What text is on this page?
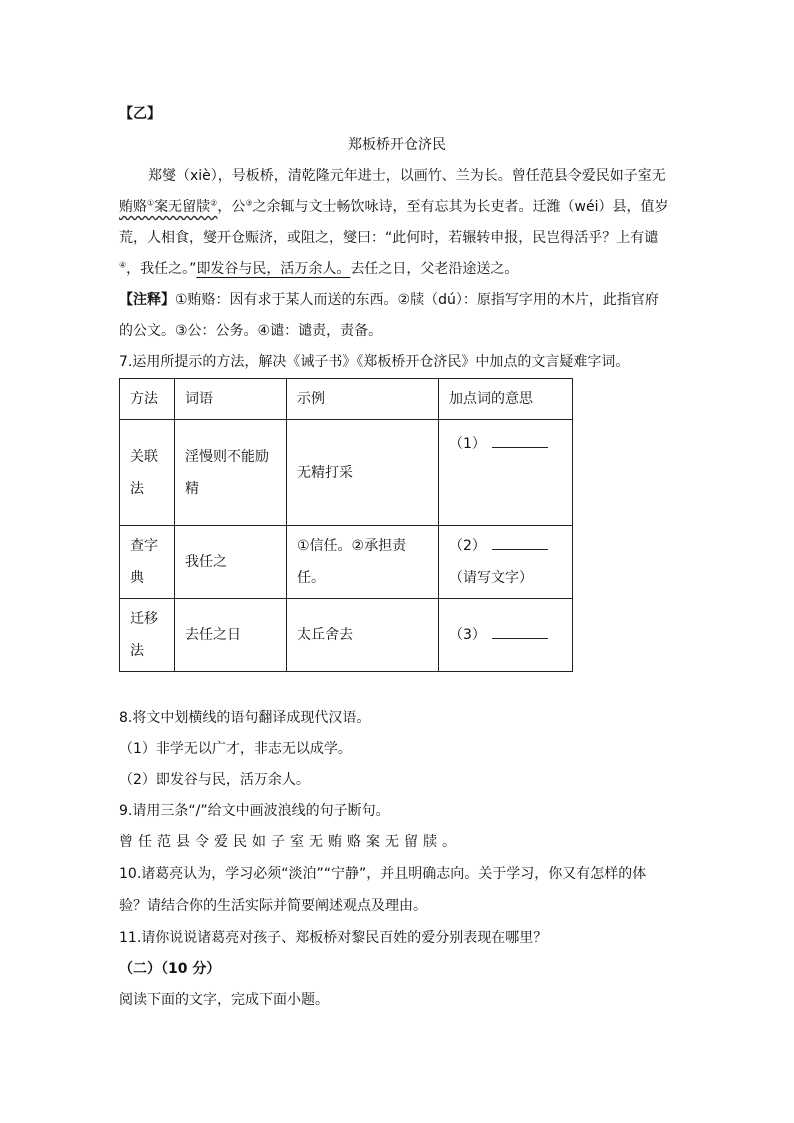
【乙】
郑板桥开仓济民
郑燮（xiè），号板桥，清乾隆元年进士，以画竹、兰为长。曾任范县令爱民如子室无
贿赂①案无留牍②，公③之余辄与文士畅饮咏诗，至有忘其为长吏者。迁潍（wéi）县，值岁
荒，人相食，燮开仓赈济，或阻之，燮曰：“此何时，若辗转申报，民岂得活乎？上有谴
④，我任之。”即发谷与民，活万余人。去任之日，父老沿途送之。
【注释】①贿赂：因有求于某人而送的东西。②牍（dú）：原指写字用的木片，此指官府
的公文。③公：公务。④谴：谴责，责备。
7.运用所提示的方法，解决《诫子书》《郑板桥开仓济民》中加点的文言疑难字词。
方法	词语	示例	加点词的意思
关联法	淫慢则不能励精	无精打采	（1）
查字典	我任之	①信任。②承担责任。	（2）
（请写文字）

迁移法	去任之日	太丘舍去	（3）
8.将文中划横线的语句翻译成现代汉语。
（1）非学无以广才，非志无以成学。
（2）即发谷与民，活万余人。
9.请用三条“/”给文中画波浪线的句子断句。
曾任范县令爱民如子室无贿赂案无留牍。
10.诸葛亮认为，学习必须“淡泊”“宁静”，并且明确志向。关于学习，你又有怎样的体
验？请结合你的生活实际并简要阐述观点及理由。
11.请你说说诸葛亮对孩子、郑板桥对黎民百姓的爱分别表现在哪里？
（二）（10 分）
阅读下面的文字，完成下面小题。
